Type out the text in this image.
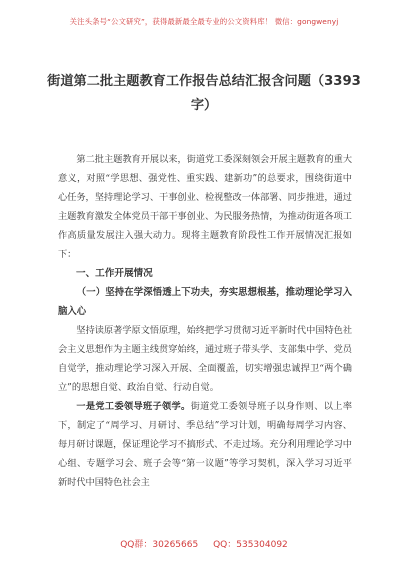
关注头条号“公文研究”，获得最新最全最专业的公文资料库！ 微信：gongwenyj
街道第二批主题教育工作报告总结汇报含问题（3393字）

第二批主题教育开展以来，街道党工委深刻领会开展主题教育的重大意义，对照“学思想、强党性、重实践、建新功”的总要求，围绕街道中心任务，坚持理论学习、干事创业、检视整改一体部署、同步推进，通过主题教育激发全体党员干部干事创业、为民服务热情，为推动街道各项工作高质量发展注入强大动力。现将主题教育阶段性工作开展情况汇报如下：

一、工作开展情况

（一）坚持在学深悟透上下功夫，夯实思想根基，推动理论学习入脑入心

坚持读原著学原文悟原理，始终把学习贯彻习近平新时代中国特色社会主义思想作为主题主线贯穿始终，通过班子带头学、支部集中学、党员自觉学，推动理论学习深入开展、全面覆盖，切实增强忠诚捍卫“两个确立”的思想自觉、政治自觉、行动自觉。

一是党工委领导班子领学。街道党工委领导班子以身作则、以上率下，制定了“周学习、月研讨、季总结”学习计划，明确每周学习内容、每月研讨课题，保证理论学习不搞形式、不走过场。充分利用理论学习中心组、专题学习会、班子会等“第一议题”等学习契机，深入学习习近平新时代中国特色社会主

QQ群：30265665 QQ：535304092
